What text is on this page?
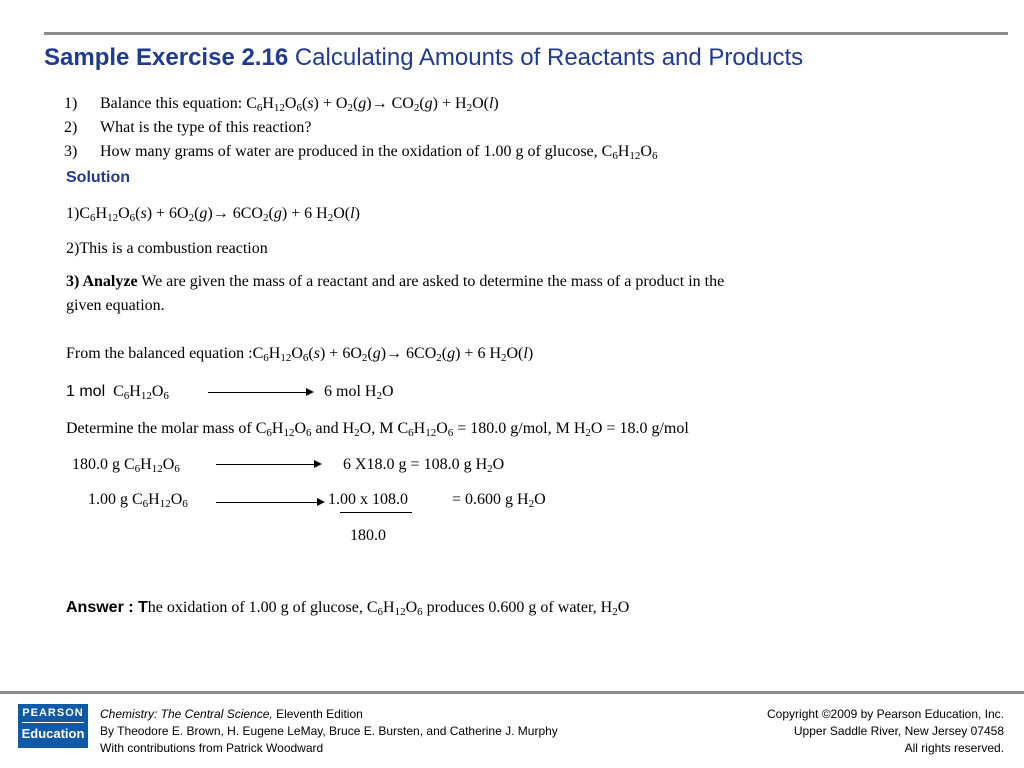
Sample Exercise 2.16 Calculating Amounts of Reactants and Products
1) Balance this equation: $C_6H_{12}O_6(s) + O_2(g)\to CO_2(g) + H_2O(l)$
2) What is the type of this reaction?
3) How many grams of water are produced in the oxidation of 1.00 g of glucose, $C_6H_{12}O_6$
Solution
$1)C_6H_{12}O_6(s) + 6O_2(g)\to 6CO_2(g) + 6$ $H_2O(l)$
2)This is a combustion reaction
3) Analyze We are given the mass of a reactant and are asked to determine the mass of a product in the
given equation.
From the balanced equation $:C_6H_{12}O_6(s) + 6O_2(g)\to 6CO_2(g) + 6$ $H_2O(l)$
1 mol  $C_6H_{12}O_6$	6 mol $H_2O$
Determine the molar mass of $C_6H_{12}O_6$ and $H_2O$, M $C_6H_{12}O_6 = 180.0$ g/mol, M $H_2O = 18.0$ g/mol
180.0 g $C_6H_{12}O_6$	6 X18.0 g = 108.0 g $H_2O$
1.00 g $C_6H_{12}O_6$	1.00 x 108.0	= 0.600 g $H_2O$
180.0
Answer : The oxidation of 1.00 g of glucose, $C_6H_{12}O_6$ produces 0.600 g of water, $H_2O$
PEARSON
Education
Chemistry: The Central Science, Eleventh Edition
By Theodore E. Brown, H. Eugene LeMay, Bruce E. Bursten, and Catherine J. Murphy
With contributions from Patrick Woodward
Copyright ©2009 by Pearson Education, Inc.
Upper Saddle River, New Jersey 07458
All rights reserved.
